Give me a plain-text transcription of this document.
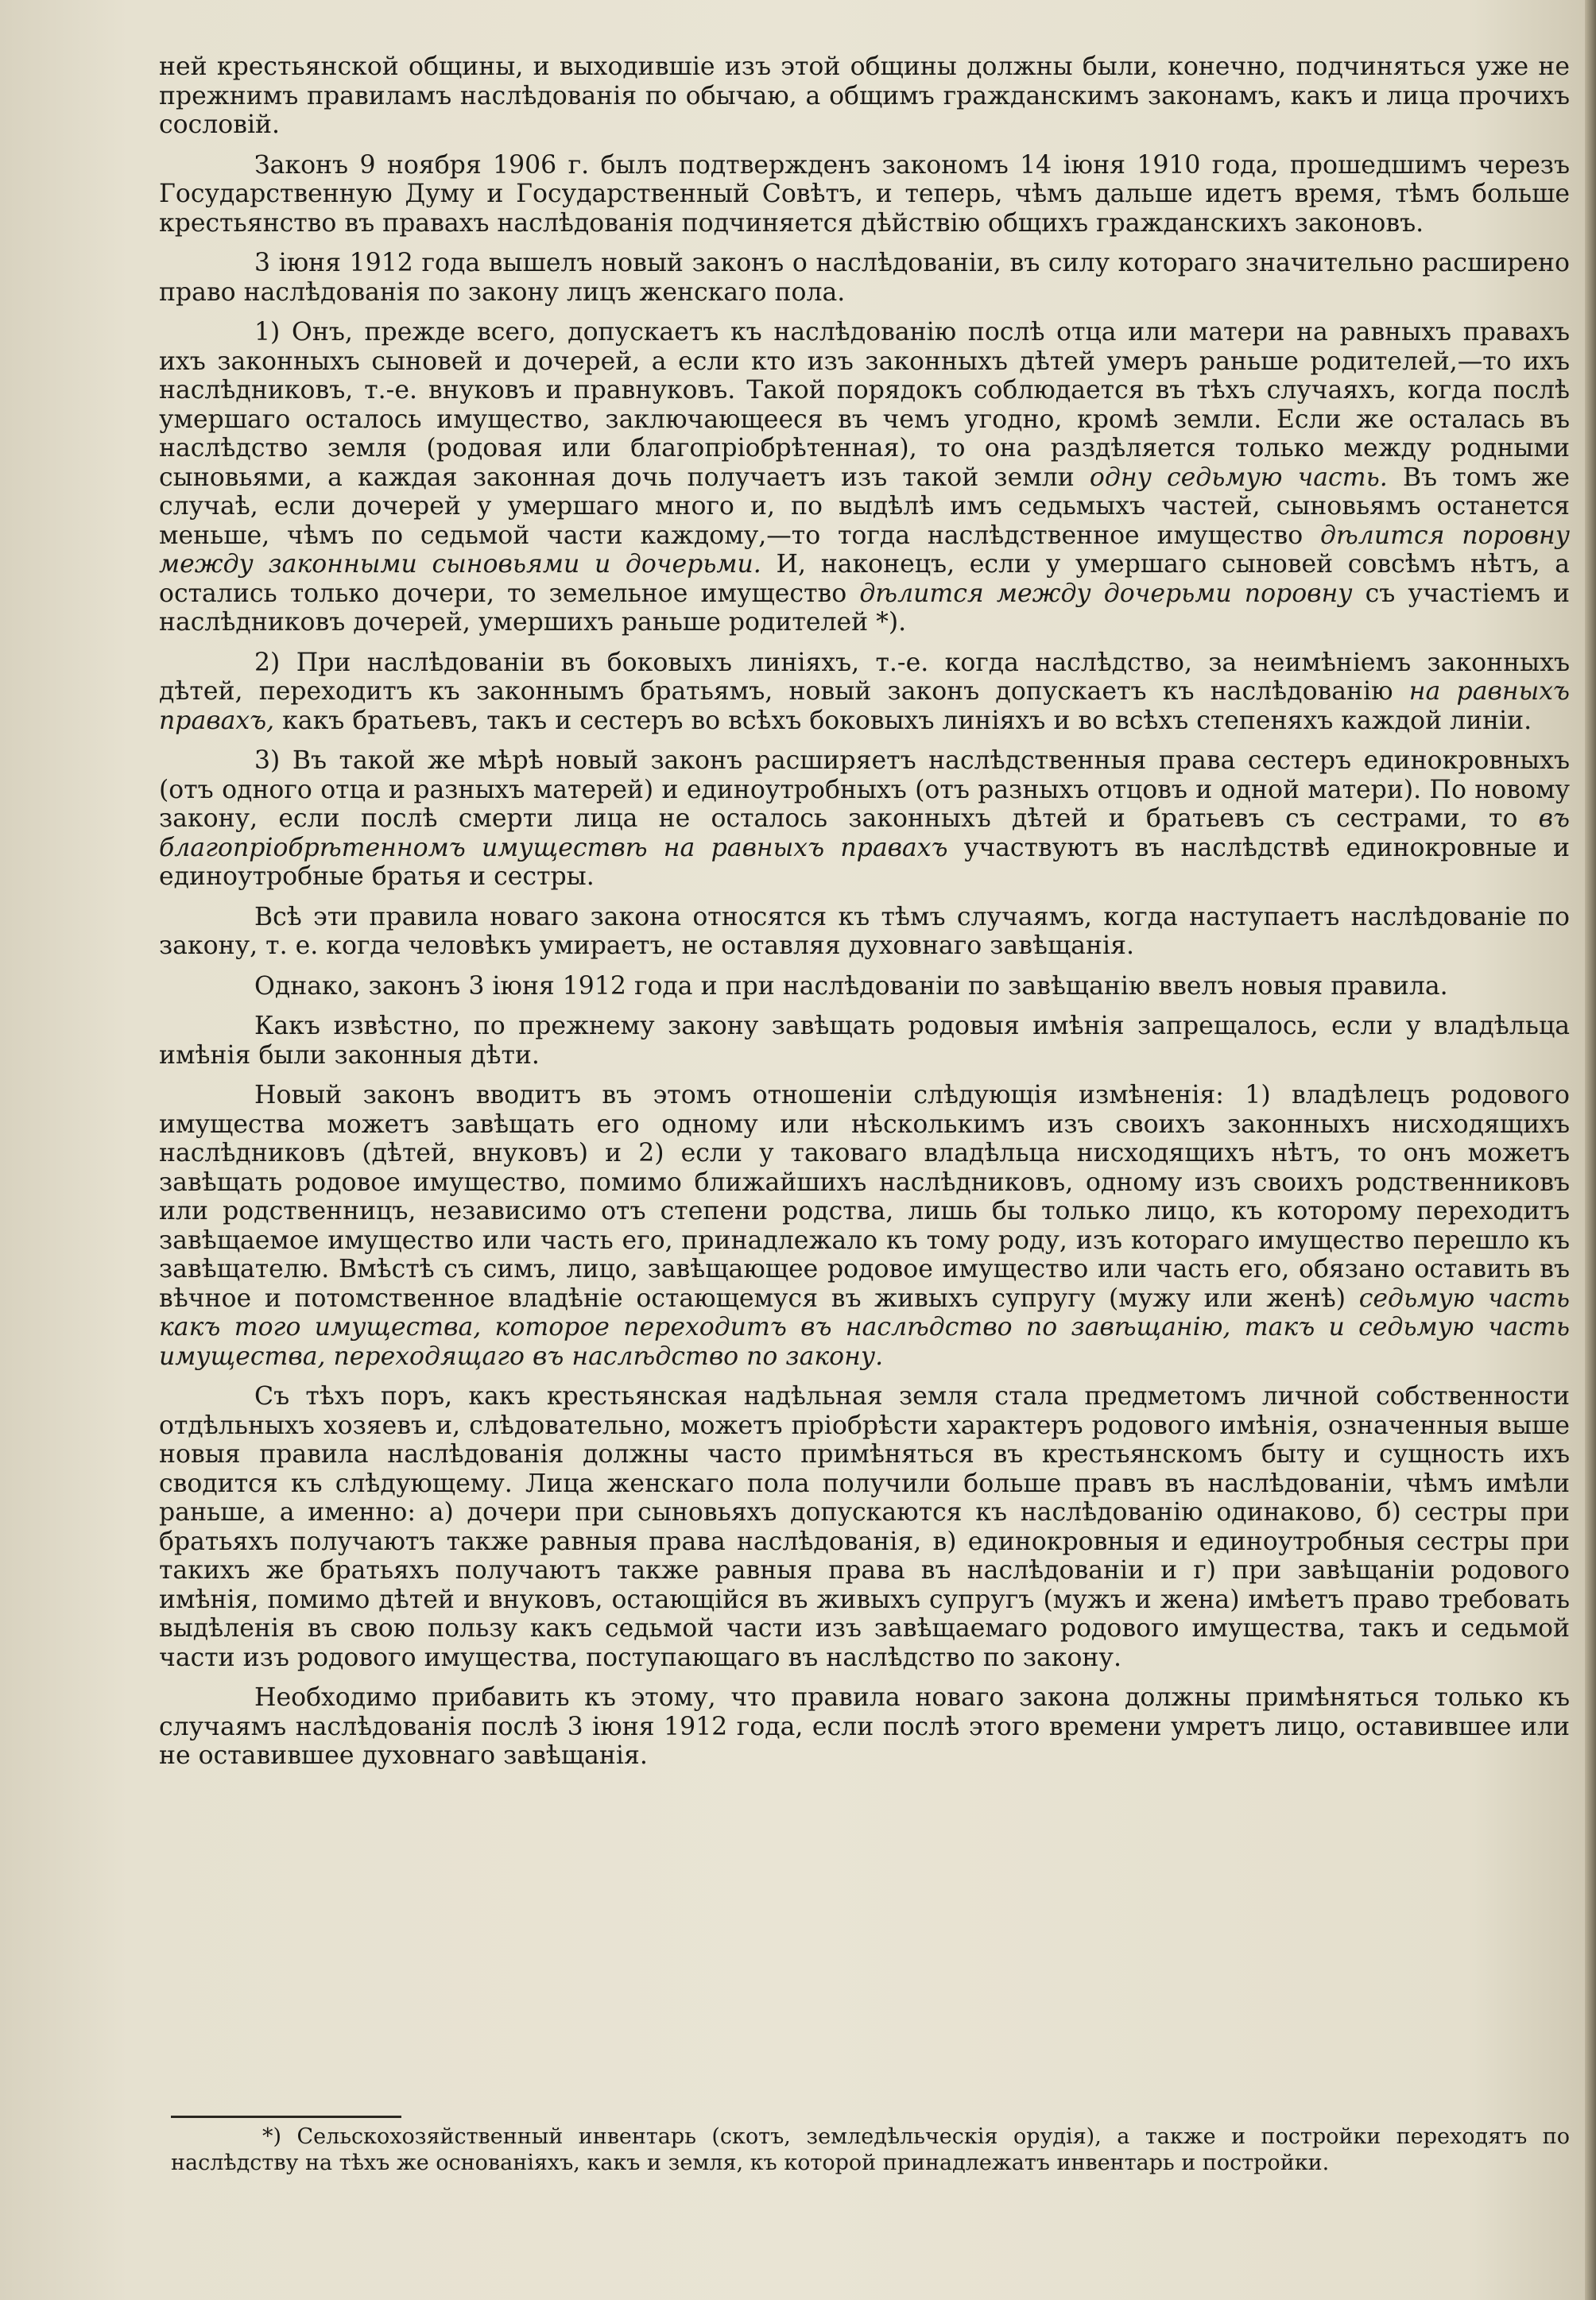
ней крестьянской общины, и выходившіе изъ этой общины должны были, конечно, подчиняться уже не прежнимъ правиламъ наслѣдованія по обычаю, а общимъ гражданскимъ законамъ, какъ и лица прочихъ сословій.

Законъ 9 ноября 1906 г. былъ подтвержденъ закономъ 14 іюня 1910 года, прошедшимъ черезъ Государственную Думу и Государственный Совѣтъ, и теперь, чѣмъ дальше идетъ время, тѣмъ больше крестьянство въ правахъ наслѣдованія подчиняется дѣйствію общихъ гражданскихъ законовъ.

3 іюня 1912 года вышелъ новый законъ о наслѣдованіи, въ силу котораго значительно расширено право наслѣдованія по закону лицъ женскаго пола.

1) Онъ, прежде всего, допускаетъ къ наслѣдованію послѣ отца или матери на равныхъ правахъ ихъ законныхъ сыновей и дочерей, а если кто изъ законныхъ дѣтей умеръ раньше родителей,—то ихъ наслѣдниковъ, т.-е. внуковъ и правнуковъ. Такой порядокъ соблюдается въ тѣхъ случаяхъ, когда послѣ умершаго осталось имущество, заключающееся въ чемъ угодно, кромѣ земли. Если же осталась въ наслѣдство земля (родовая или благопріобрѣтенная), то она раздѣляется только между родными сыновьями, а каждая законная дочь получаетъ изъ такой земли одну седьмую часть. Въ томъ же случаѣ, если дочерей у умершаго много и, по выдѣлѣ имъ седьмыхъ частей, сыновьямъ останется меньше, чѣмъ по седьмой части каждому,—то тогда наслѣдственное имущество дѣлится поровну между законными сыновьями и дочерьми. И, наконецъ, если у умершаго сыновей совсѣмъ нѣтъ, а остались только дочери, то земельное имущество дѣлится между дочерьми поровну съ участіемъ и наслѣдниковъ дочерей, умершихъ раньше родителей *).

2) При наслѣдованіи въ боковыхъ линіяхъ, т.-е. когда наслѣдство, за неимѣніемъ законныхъ дѣтей, переходитъ къ законнымъ братьямъ, новый законъ допускаетъ къ наслѣдованію на равныхъ правахъ, какъ братьевъ, такъ и сестеръ во всѣхъ боковыхъ линіяхъ и во всѣхъ степеняхъ каждой линіи.

3) Въ такой же мѣрѣ новый законъ расширяетъ наслѣдственныя права сестеръ единокровныхъ (отъ одного отца и разныхъ матерей) и единоутробныхъ (отъ разныхъ отцовъ и одной матери). По новому закону, если послѣ смерти лица не осталось законныхъ дѣтей и братьевъ съ сестрами, то въ благопріобрѣтенномъ имуществѣ на равныхъ правахъ участвуютъ въ наслѣдствѣ единокровные и единоутробные братья и сестры.

Всѣ эти правила новаго закона относятся къ тѣмъ случаямъ, когда наступаетъ наслѣдованіе по закону, т. е. когда человѣкъ умираетъ, не оставляя духовнаго завѣщанія.

Однако, законъ 3 іюня 1912 года и при наслѣдованіи по завѣщанію ввелъ новыя правила.

Какъ извѣстно, по прежнему закону завѣщать родовыя имѣнія запрещалось, если у владѣльца имѣнія были законныя дѣти.

Новый законъ вводитъ въ этомъ отношеніи слѣдующія измѣненія: 1) владѣлецъ родового имущества можетъ завѣщать его одному или нѣсколькимъ изъ своихъ законныхъ нисходящихъ наслѣдниковъ (дѣтей, внуковъ) и 2) если у таковаго владѣльца нисходящихъ нѣтъ, то онъ можетъ завѣщать родовое имущество, помимо ближайшихъ наслѣдниковъ, одному изъ своихъ родственниковъ или родственницъ, независимо отъ степени родства, лишь бы только лицо, къ которому переходитъ завѣщаемое имущество или часть его, принадлежало къ тому роду, изъ котораго имущество перешло къ завѣщателю. Вмѣстѣ съ симъ, лицо, завѣщающее родовое имущество или часть его, обязано оставить въ вѣчное и потомственное владѣніе остающемуся въ живыхъ супругу (мужу или женѣ) седьмую часть какъ того имущества, которое переходитъ въ наслѣдство по завѣщанію, такъ и седьмую часть имущества, переходящаго въ наслѣдство по закону.

Съ тѣхъ поръ, какъ крестьянская надѣльная земля стала предметомъ личной собственности отдѣльныхъ хозяевъ и, слѣдовательно, можетъ пріобрѣсти характеръ родового имѣнія, означенныя выше новыя правила наслѣдованія должны часто примѣняться въ крестьянскомъ быту и сущность ихъ сводится къ слѣдующему. Лица женскаго пола получили больше правъ въ наслѣдованіи, чѣмъ имѣли раньше, а именно: а) дочери при сыновьяхъ допускаются къ наслѣдованію одинаково, б) сестры при братьяхъ получаютъ также равныя права наслѣдованія, в) единокровныя и единоутробныя сестры при такихъ же братьяхъ получаютъ также равныя права въ наслѣдованіи и г) при завѣщаніи родового имѣнія, помимо дѣтей и внуковъ, остающійся въ живыхъ супругъ (мужъ и жена) имѣетъ право требовать выдѣленія въ свою пользу какъ седьмой части изъ завѣщаемаго родового имущества, такъ и седьмой части изъ родового имущества, поступающаго въ наслѣдство по закону.

Необходимо прибавить къ этому, что правила новаго закона должны примѣняться только къ случаямъ наслѣдованія послѣ 3 іюня 1912 года, если послѣ этого времени умретъ лицо, оставившее или не оставившее духовнаго завѣщанія.

*) Сельскохозяйственный инвентарь (скотъ, земледѣльческія орудія), а также и постройки переходятъ по наслѣдству на тѣхъ же основаніяхъ, какъ и земля, къ которой принадлежатъ инвентарь и постройки.
